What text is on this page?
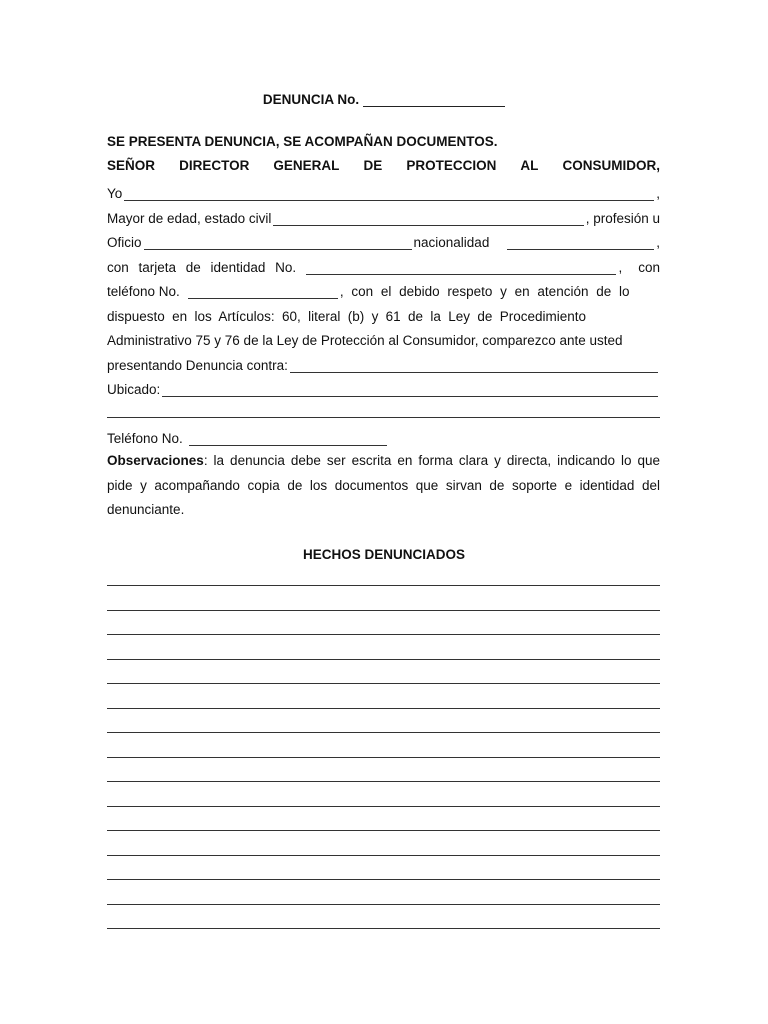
DENUNCIA No.
SE PRESENTA DENUNCIA, SE ACOMPAÑAN DOCUMENTOS.
SEÑOR DIRECTOR GENERAL DE PROTECCION AL CONSUMIDOR,
Yo	,
Mayor de edad, estado civil	, profesión u
Oficio	nacionalidad	,
con tarjeta de identidad No.	, con
teléfono No.	, con el debido respeto y en atención de lo
dispuesto en los Artículos: 60, literal (b) y 61 de la Ley de Procedimiento
Administrativo 75 y 76 de la Ley de Protección al Consumidor, comparezco ante usted
presentando Denuncia contra:
Ubicado:
Teléfono No.
Observaciones: la denuncia debe ser escrita en forma clara y directa, indicando lo que pide y acompañando copia de los documentos que sirvan de soporte e identidad del denunciante.
HECHOS DENUNCIADOS
